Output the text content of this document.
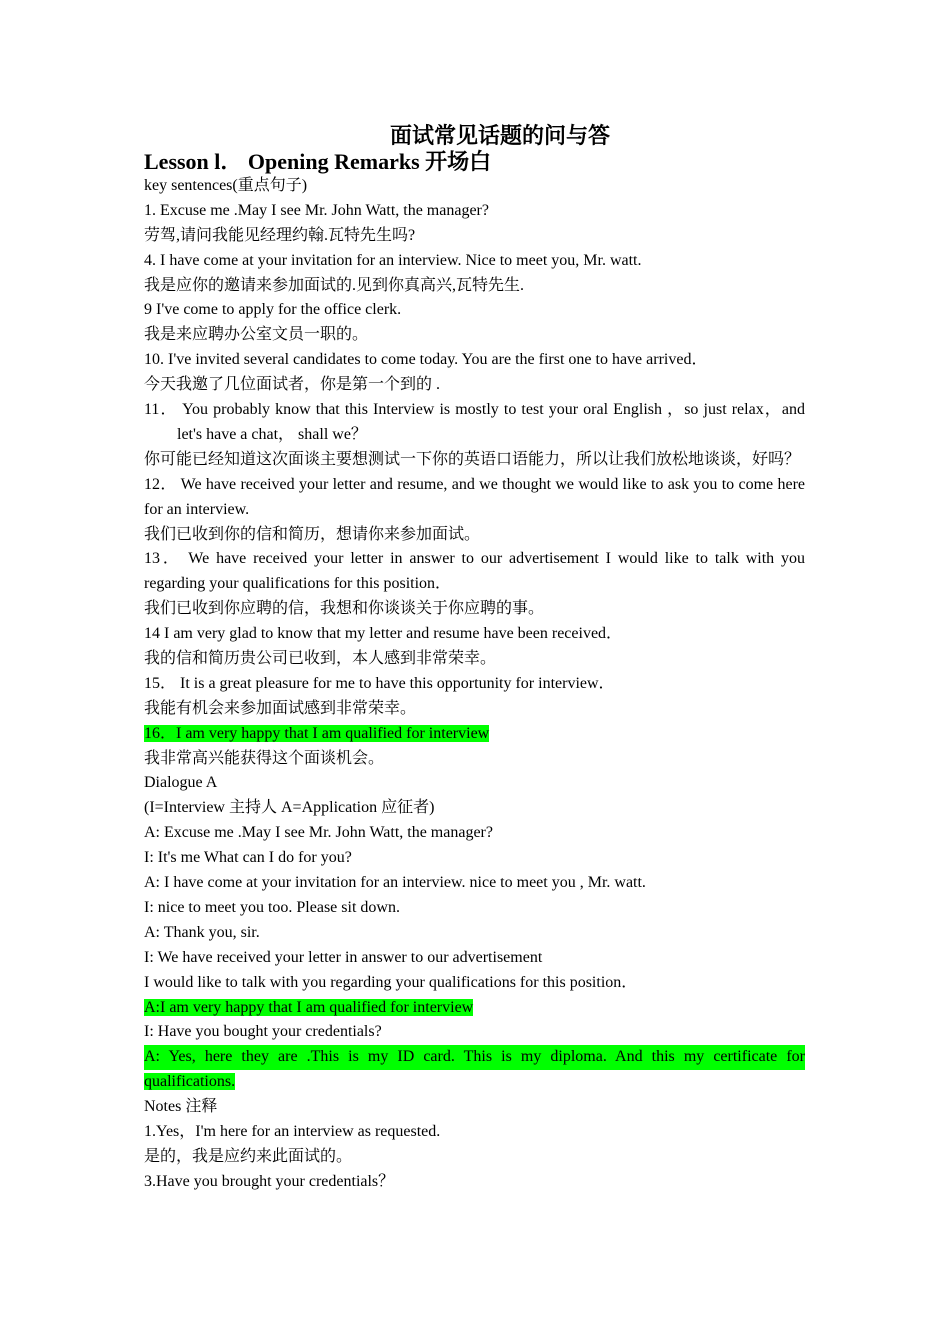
面试常见话题的问与答
Lesson l． Opening Remarks 开场白
key sentences(重点句子)
1. Excuse me .May I see Mr. John Watt, the manager?
劳驾,请问我能见经理约翰.瓦特先生吗?
4. I have come at your invitation for an interview. Nice to meet you, Mr. watt.
我是应你的邀请来参加面试的.见到你真高兴,瓦特先生.
9 I've come to apply for the office clerk.
我是来应聘办公室文员一职的。
10. I've invited several candidates to come today. You are the first one to have arrived．
今天我邀了几位面试者，你是第一个到的 .
11． You probably know that this Interview is mostly to test your oral English ，so just relax，and let's have a chat， shall we？
你可能已经知道这次面谈主要想测试一下你的英语口语能力，所以让我们放松地谈谈，好吗？
12． We have received your letter and resume, and we thought we would like to ask you to come here for an interview.
我们已收到你的信和简历，想请你来参加面试。
13． We have received your letter in answer to our advertisement I would like to talk with you regarding your qualifications for this position．
我们已收到你应聘的信，我想和你谈谈关于你应聘的事。
14 I am very glad to know that my letter and resume have been received．
我的信和简历贵公司已收到，本人感到非常荣幸。
15． It is a great pleasure for me to have this opportunity for interview．
我能有机会来参加面试感到非常荣幸。
16．I am very happy that I am qualified for interview
我非常高兴能获得这个面谈机会。
Dialogue A
(I=Interview 主持人 A=Application 应征者)
A: Excuse me .May I see Mr. John Watt, the manager?
I: It's me What can I do for you?
A: I have come at your invitation for an interview. nice to meet you , Mr. watt.
I: nice to meet you too. Please sit down.
A: Thank you, sir.
I: We have received your letter in answer to our advertisement
I would like to talk with you regarding your qualifications for this position．
A:I am very happy that I am qualified for interview
I: Have you bought your credentials?
A: Yes, here they are .This is my ID card. This is my diploma. And this my certificate for
qualifications.
Notes 注释
1.Yes，I'm here for an interview as requested.
是的，我是应约来此面试的。
3.Have you brought your credentials？
